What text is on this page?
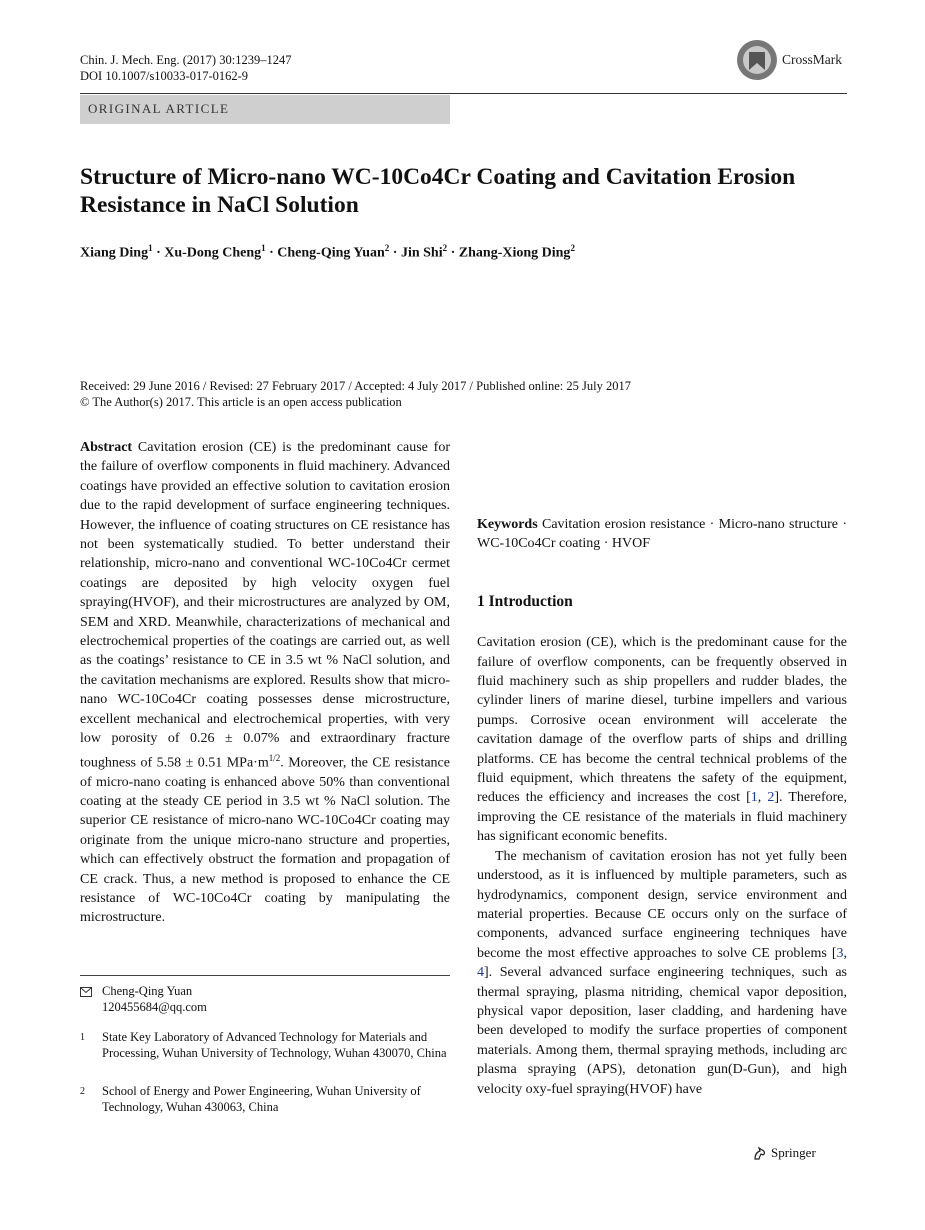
Chin. J. Mech. Eng. (2017) 30:1239–1247
DOI 10.1007/s10033-017-0162-9
CrossMark
ORIGINAL ARTICLE
Structure of Micro-nano WC-10Co4Cr Coating and Cavitation Erosion Resistance in NaCl Solution
Xiang Ding$^1$ · Xu-Dong Cheng$^1$ · Cheng-Qing Yuan$^2$ · Jin Shi$^2$ · Zhang-Xiong Ding$^2$
Received: 29 June 2016 / Revised: 27 February 2017 / Accepted: 4 July 2017 / Published online: 25 July 2017
© The Author(s) 2017. This article is an open access publication

Abstract Cavitation erosion (CE) is the predominant cause for the failure of overflow components in fluid machinery. Advanced coatings have provided an effective solution to cavitation erosion due to the rapid development of surface engineering techniques. However, the influence of coating structures on CE resistance has not been systematically studied. To better understand their relationship, micro-nano and conventional WC-10Co4Cr cermet coatings are deposited by high velocity oxygen fuel spraying(HVOF), and their microstructures are analyzed by OM, SEM and XRD. Meanwhile, characterizations of mechanical and electrochemical properties of the coatings are carried out, as well as the coatings’ resistance to CE in 3.5 wt % NaCl solution, and the cavitation mechanisms are explored. Results show that micro-nano WC-10Co4Cr coating possesses dense microstructure, excellent mechanical and electrochemical properties, with very low porosity of 0.26 ± 0.07% and extraordinary fracture toughness of 5.58 ± 0.51 $MPa\cdot m^{1/2}$. Moreover, the CE resistance of micro-nano coating is enhanced above 50% than conventional coating at the steady CE period in 3.5 wt % NaCl solution. The superior CE resistance of micro-nano WC-10Co4Cr coating may originate from the unique micro-nano structure and properties, which can effectively obstruct the formation and propagation of CE crack. Thus, a new method is proposed to enhance the CE resistance of WC-10Co4Cr coating by manipulating the microstructure.

Keywords Cavitation erosion resistance · Micro-nano structure · WC-10Co4Cr coating · HVOF

1 Introduction

Cavitation erosion (CE), which is the predominant cause for the failure of overflow components, can be frequently observed in fluid machinery such as ship propellers and rudder blades, the cylinder liners of marine diesel, turbine impellers and various pumps. Corrosive ocean environment will accelerate the cavitation damage of the overflow parts of ships and drilling platforms. CE has become the central technical problems of the fluid equipment, which threatens the safety of the equipment, reduces the efficiency and increases the cost [1, 2]. Therefore, improving the CE resistance of the materials in fluid machinery has significant economic benefits.

The mechanism of cavitation erosion has not yet fully been understood, as it is influenced by multiple parameters, such as hydrodynamics, component design, service environment and material properties. Because CE occurs only on the surface of components, advanced surface engineering techniques have become the most effective approaches to solve CE problems [3, 4]. Several advanced surface engineering techniques, such as thermal spraying, plasma nitriding, chemical vapor deposition, physical vapor deposition, laser cladding, and hardening have been developed to modify the surface properties of component materials. Among them, thermal spraying methods, including arc plasma spraying (APS), detonation gun(D-Gun), and high velocity oxy-fuel spraying(HVOF) have

Cheng-Qing Yuan
120455684@qq.com
1 State Key Laboratory of Advanced Technology for Materials and Processing, Wuhan University of Technology, Wuhan 430070, China
2 School of Energy and Power Engineering, Wuhan University of Technology, Wuhan 430063, China
Springer
